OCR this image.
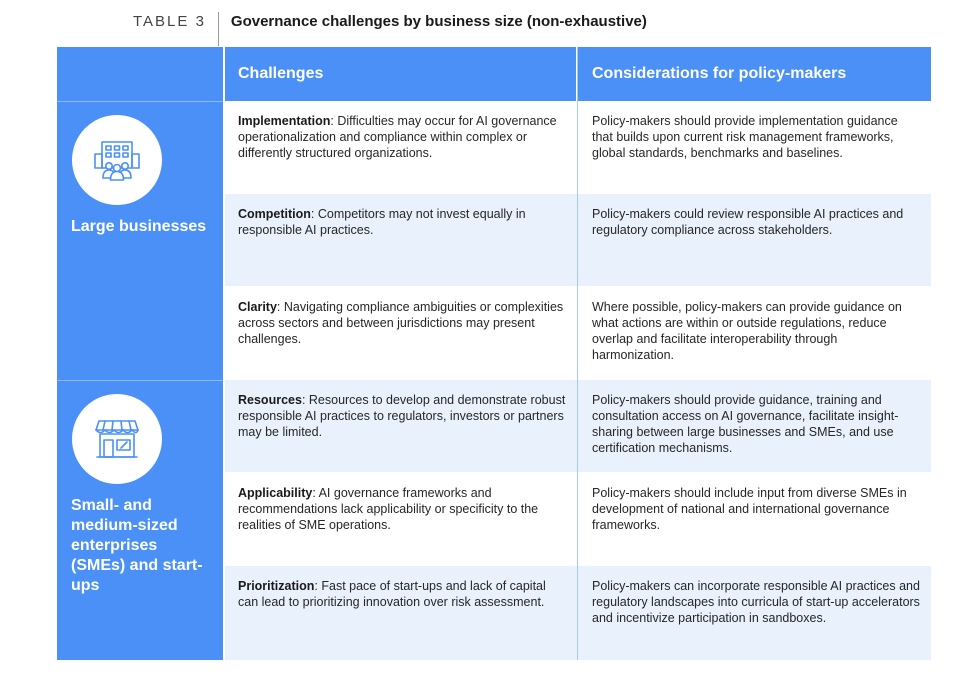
TABLE 3	Governance challenges by business size (non-exhaustive)
Challenges	Considerations for policy-makers
Implementation: Difficulties may occur for AI governance operationalization and compliance within complex or differently structured organizations.
Policy-makers should provide implementation guidance that builds upon current risk management frameworks, global standards, benchmarks and baselines.
Competition: Competitors may not invest equally in responsible AI practices.
Policy-makers could review responsible AI practices and regulatory compliance across stakeholders.
Clarity: Navigating compliance ambiguities or complexities across sectors and between jurisdictions may present challenges.
Where possible, policy-makers can provide guidance on what actions are within or outside regulations, reduce overlap and facilitate interoperability through harmonization.
Resources: Resources to develop and demonstrate robust responsible AI practices to regulators, investors or partners may be limited.
Policy-makers should provide guidance, training and consultation access on AI governance, facilitate insight-sharing between large businesses and SMEs, and use certification mechanisms.
Applicability: AI governance frameworks and recommendations lack applicability or specificity to the realities of SME operations.
Policy-makers should include input from diverse SMEs in development of national and international governance frameworks.
Prioritization: Fast pace of start-ups and lack of capital can lead to prioritizing innovation over risk assessment.
Policy-makers can incorporate responsible AI practices and regulatory landscapes into curricula of start-up accelerators and incentivize participation in sandboxes.
Large businesses
Small- and medium-sized enterprises (SMEs) and start-ups
